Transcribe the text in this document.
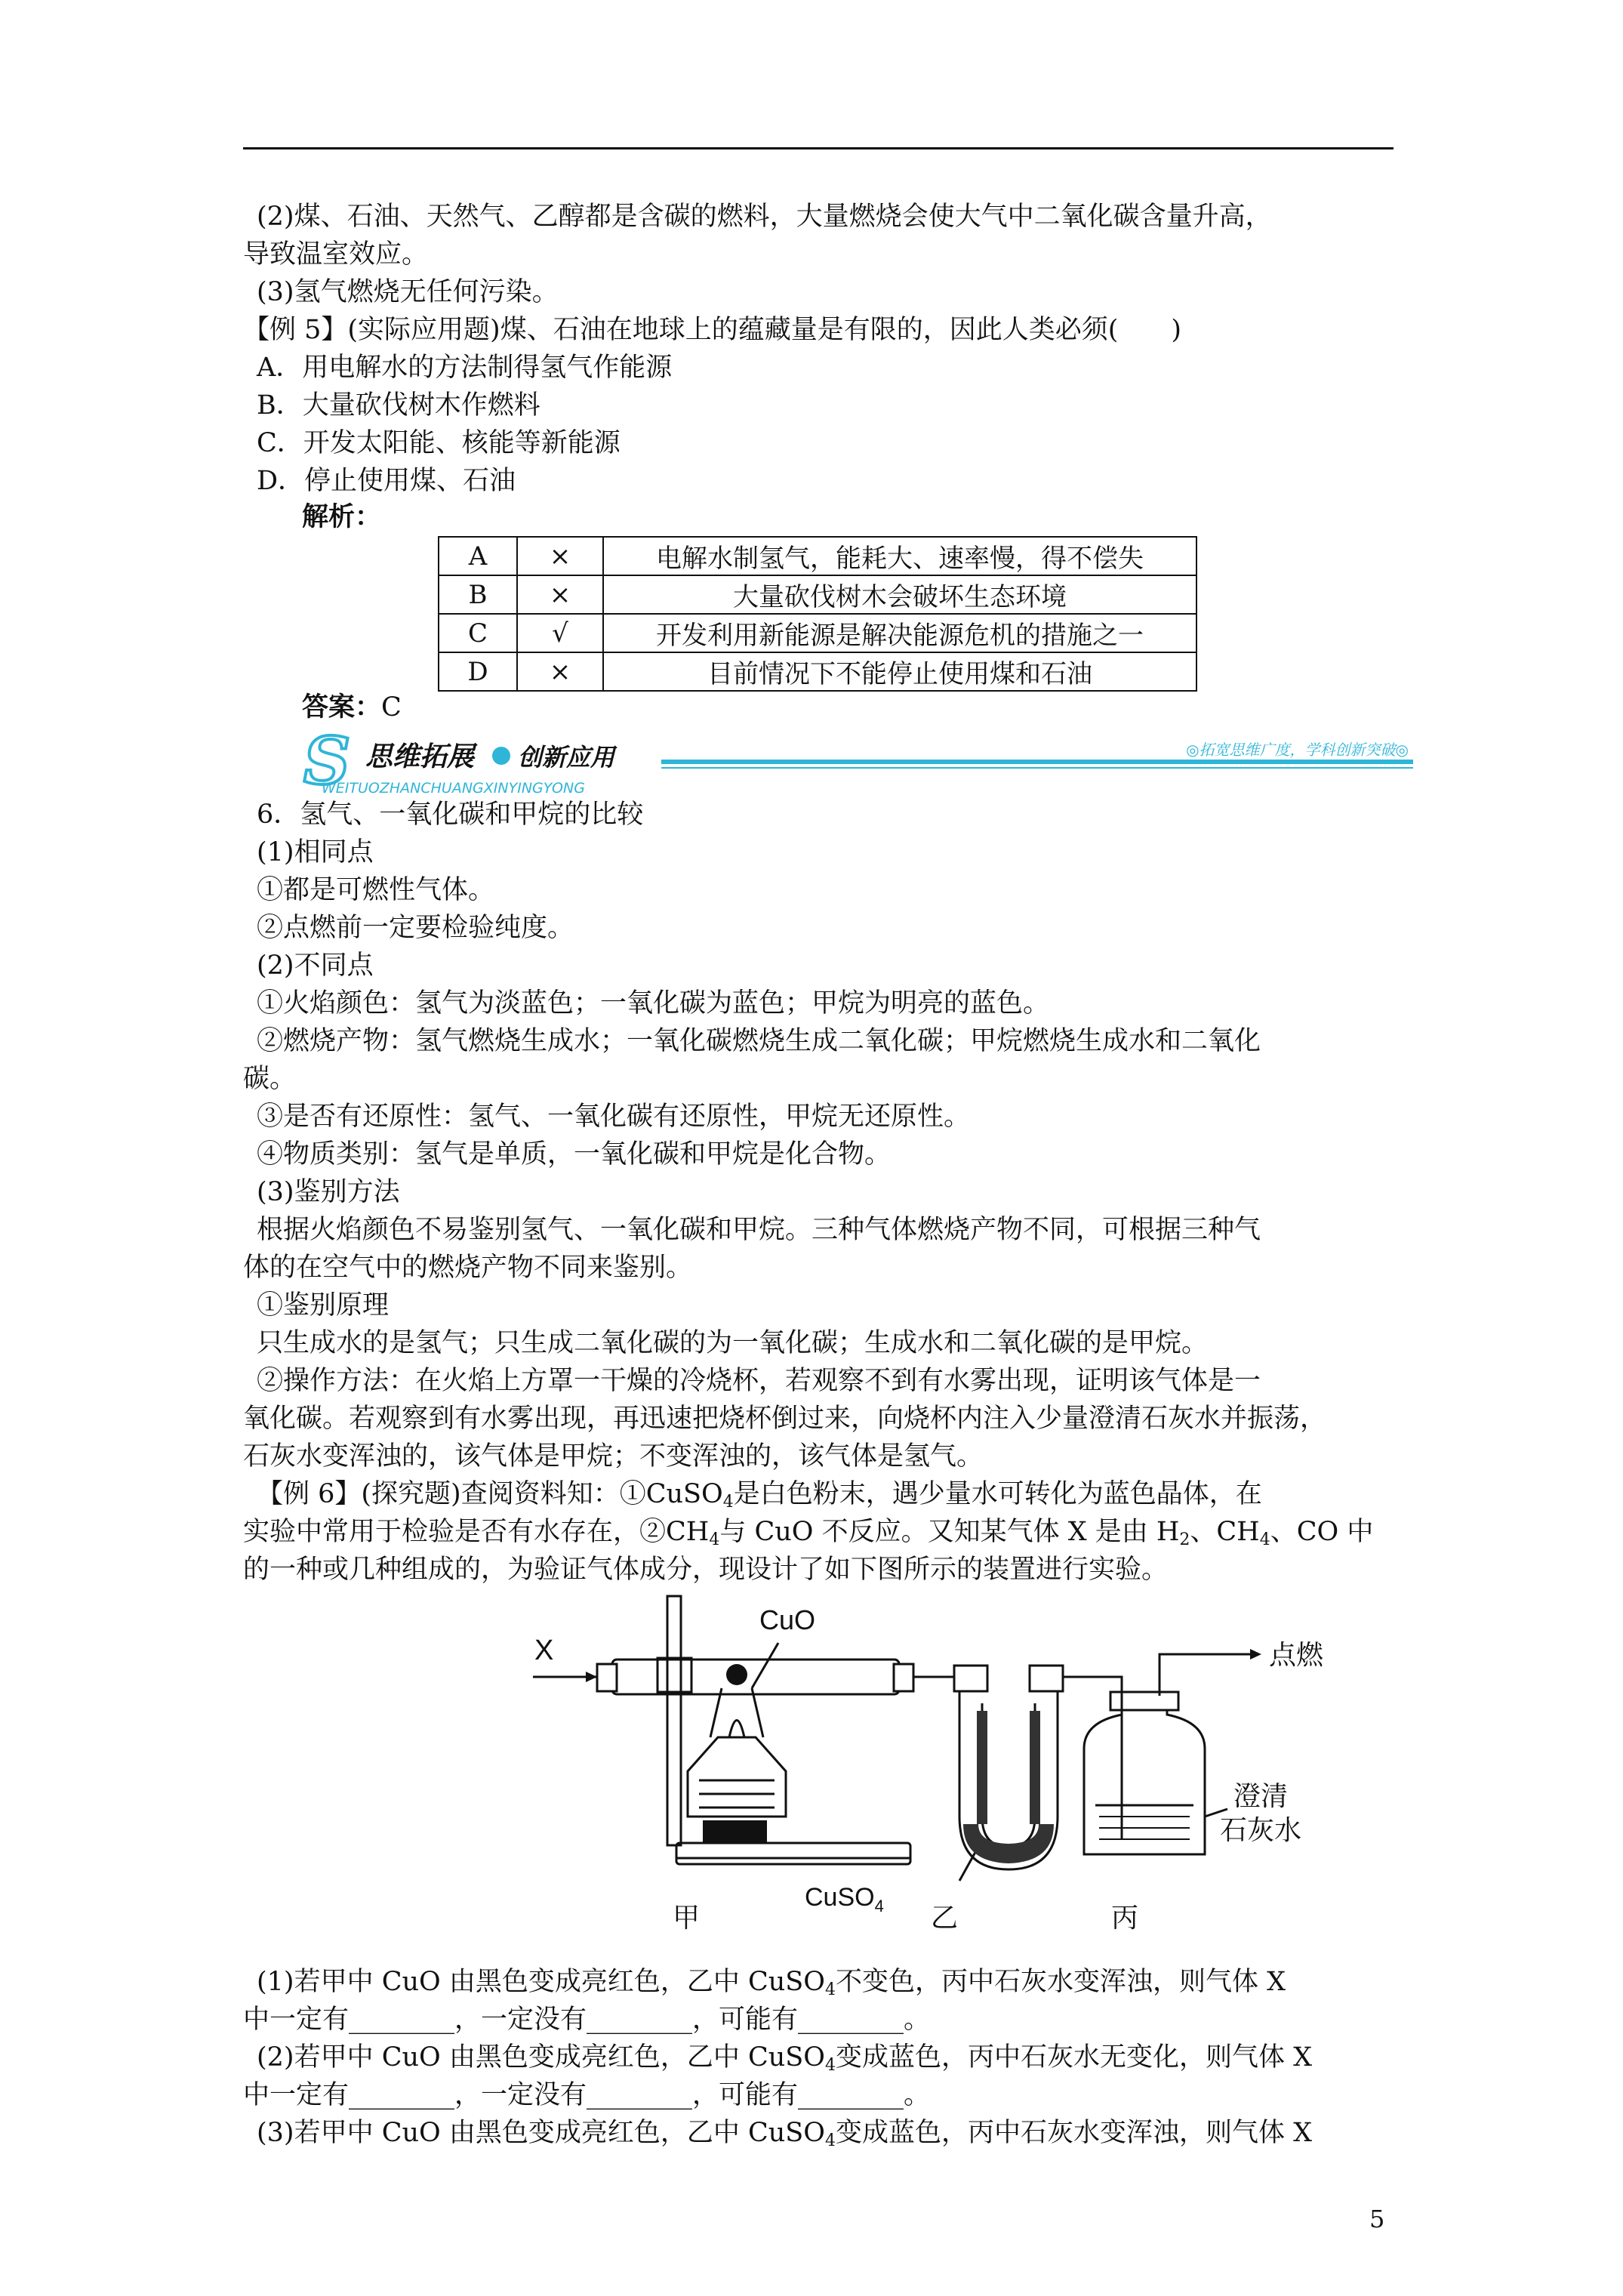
(2)煤、石油、天然气、乙醇都是含碳的燃料，大量燃烧会使大气中二氧化碳含量升高，
导致温室效应。
(3)氢气燃烧无任何污染。
【例 5】(实际应用题)煤、石油在地球上的蕴藏量是有限的，因此人类必须(　　)
A．用电解水的方法制得氢气作能源
B．大量砍伐树木作燃料
C．开发太阳能、核能等新能源
D．停止使用煤、石油
解析：
A	×	电解水制氢气，能耗大、速率慢，得不偿失
B	×	大量砍伐树木会破坏生态环境
C	√	开发利用新能源是解决能源危机的措施之一
D	×	目前情况下不能停止使用煤和石油
答案：C
S 思维拓展 创新应用	◎拓宽思维广度，学科创新突破◎
WEITUOZHANCHUANGXINYINGYONG
6．氢气、一氧化碳和甲烷的比较
(1)相同点
①都是可燃性气体。
②点燃前一定要检验纯度。
(2)不同点
①火焰颜色：氢气为淡蓝色；一氧化碳为蓝色；甲烷为明亮的蓝色。
②燃烧产物：氢气燃烧生成水；一氧化碳燃烧生成二氧化碳；甲烷燃烧生成水和二氧化
碳。
③是否有还原性：氢气、一氧化碳有还原性，甲烷无还原性。
④物质类别：氢气是单质，一氧化碳和甲烷是化合物。
(3)鉴别方法
根据火焰颜色不易鉴别氢气、一氧化碳和甲烷。三种气体燃烧产物不同，可根据三种气
体的在空气中的燃烧产物不同来鉴别。
①鉴别原理
只生成水的是氢气；只生成二氧化碳的为一氧化碳；生成水和二氧化碳的是甲烷。
②操作方法：在火焰上方罩一干燥的冷烧杯，若观察不到有水雾出现，证明该气体是一
氧化碳。若观察到有水雾出现，再迅速把烧杯倒过来，向烧杯内注入少量澄清石灰水并振荡，
石灰水变浑浊的，该气体是甲烷；不变浑浊的，该气体是氢气。
【例 6】(探究题)查阅资料知：①CuSO$_4$是白色粉末，遇少量水可转化为蓝色晶体，在
实验中常用于检验是否有水存在，$②CH_4$与 CuO 不反应。又知某气体 X 是由 $H_2$、$CH_4$、CO 中
的一种或几种组成的，为验证气体成分，现设计了如下图所示的装置进行实验。
X
CuO
点燃
澄清
石灰水
CuSO$_4$
甲	乙	丙
(1)若甲中 CuO 由黑色变成亮红色，乙中 CuSO$_4$不变色，丙中石灰水变浑浊，则气体 X
中一定有________，一定没有________，可能有________。
(2)若甲中 CuO 由黑色变成亮红色，乙中 CuSO$_4$变成蓝色，丙中石灰水无变化，则气体 X
中一定有________，一定没有________，可能有________。
(3)若甲中 CuO 由黑色变成亮红色，乙中 CuSO$_4$变成蓝色，丙中石灰水变浑浊，则气体 X
5
